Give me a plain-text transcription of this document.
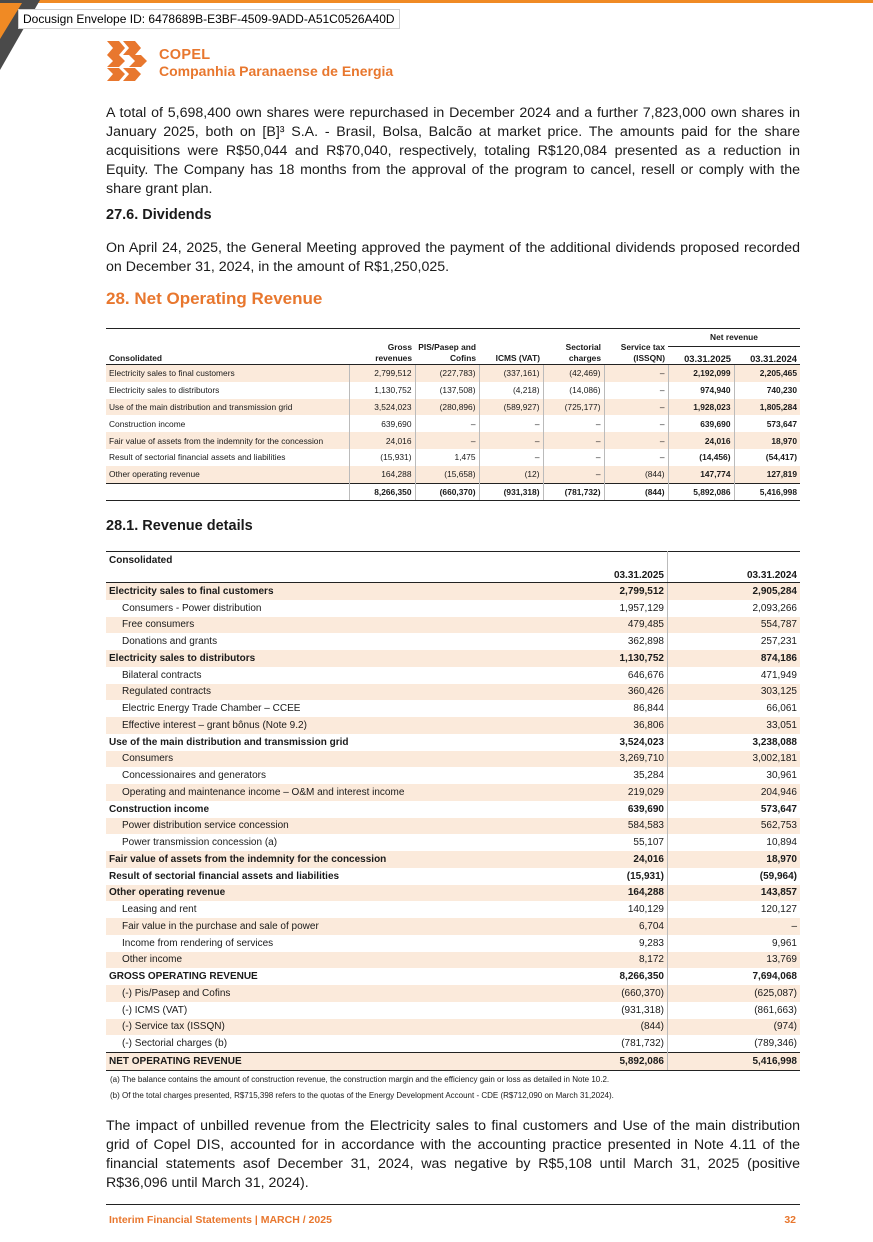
Docusign Envelope ID: 6478689B-E3BF-4509-9ADD-A51C0526A40D
COPEL
Companhia Paranaense de Energia

A total of 5,698,400 own shares were repurchased in December 2024 and a further 7,823,000 own shares in January 2025, both on [B]³ S.A. - Brasil, Bolsa, Balcão at market price. The amounts paid for the share acquisitions were R$50,044 and R$70,040, respectively, totaling R$120,084 presented as a reduction in Equity. The Company has 18 months from the approval of the program to cancel, resell or comply with the share grant plan.

27.6. Dividends

On April 24, 2025, the General Meeting approved the payment of the additional dividends proposed recorded on December 31, 2024, in the amount of R$1,250,025.

28. Net Operating Revenue
Consolidated	Gross revenues	PIS/Pasep and Cofins	ICMS (VAT)	Sectorial charges	Service tax (ISSQN)	Net revenue	
						03.31.2025	03.31.2024
Electricity sales to final customers	2,799,512	(227,783)	(337,161)	(42,469)	–	2,192,099	2,205,465
Electricity sales to distributors	1,130,752	(137,508)	(4,218)	(14,086)	–	974,940	740,230
Use of the main distribution and transmission grid	3,524,023	(280,896)	(589,927)	(725,177)	–	1,928,023	1,805,284
Construction income	639,690	–	–	–	–	639,690	573,647
Fair value of assets from the indemnity for the concession	24,016	–	–	–	–	24,016	18,970
Result of sectorial financial assets and liabilities	(15,931)	1,475	–	–	–	(14,456)	(54,417)
Other operating revenue	164,288	(15,658)	(12)	–	(844)	147,774	127,819
	8,266,350	(660,370)	(931,318)	(781,732)	(844)	5,892,086	5,416,998
28.1. Revenue details
Consolidated		
	03.31.2025	03.31.2024
Electricity sales to final customers	2,799,512	2,905,284
Consumers - Power distribution	1,957,129	2,093,266
Free consumers	479,485	554,787
Donations and grants	362,898	257,231
Electricity sales to distributors	1,130,752	874,186
Bilateral contracts	646,676	471,949
Regulated contracts	360,426	303,125
Electric Energy Trade Chamber – CCEE	86,844	66,061
Effective interest – grant bônus (Note 9.2)	36,806	33,051
Use of the main distribution and transmission grid	3,524,023	3,238,088
Consumers	3,269,710	3,002,181
Concessionaires and generators	35,284	30,961
Operating and maintenance income – O&M and interest income	219,029	204,946
Construction income	639,690	573,647
Power distribution service concession	584,583	562,753
Power transmission concession (a)	55,107	10,894
Fair value of assets from the indemnity for the concession	24,016	18,970
Result of sectorial financial assets and liabilities	(15,931)	(59,964)
Other operating revenue	164,288	143,857
Leasing and rent	140,129	120,127
Fair value in the purchase and sale of power	6,704	–
Income from rendering of services	9,283	9,961
Other income	8,172	13,769
GROSS OPERATING REVENUE	8,266,350	7,694,068
(-) Pis/Pasep and Cofins	(660,370)	(625,087)
(-) ICMS (VAT)	(931,318)	(861,663)
(-) Service tax (ISSQN)	(844)	(974)
(-) Sectorial charges (b)	(781,732)	(789,346)
NET OPERATING REVENUE	5,892,086	5,416,998
(a) The balance contains the amount of construction revenue, the construction margin and the efficiency gain or loss as detailed in Note 10.2.		
(b) Of the total charges presented, R$715,398 refers to the quotas of the Energy Development Account - CDE (R$712,090 on March 31,2024).		

The impact of unbilled revenue from the Electricity sales to final customers and Use of the main distribution grid of Copel DIS, accounted for in accordance with the accounting practice presented in Note 4.11 of the financial statements asof December 31, 2024, was negative by R$5,108 until March 31, 2025 (positive R$36,096 until March 31, 2024).

Interim Financial Statements | MARCH / 2025	32
